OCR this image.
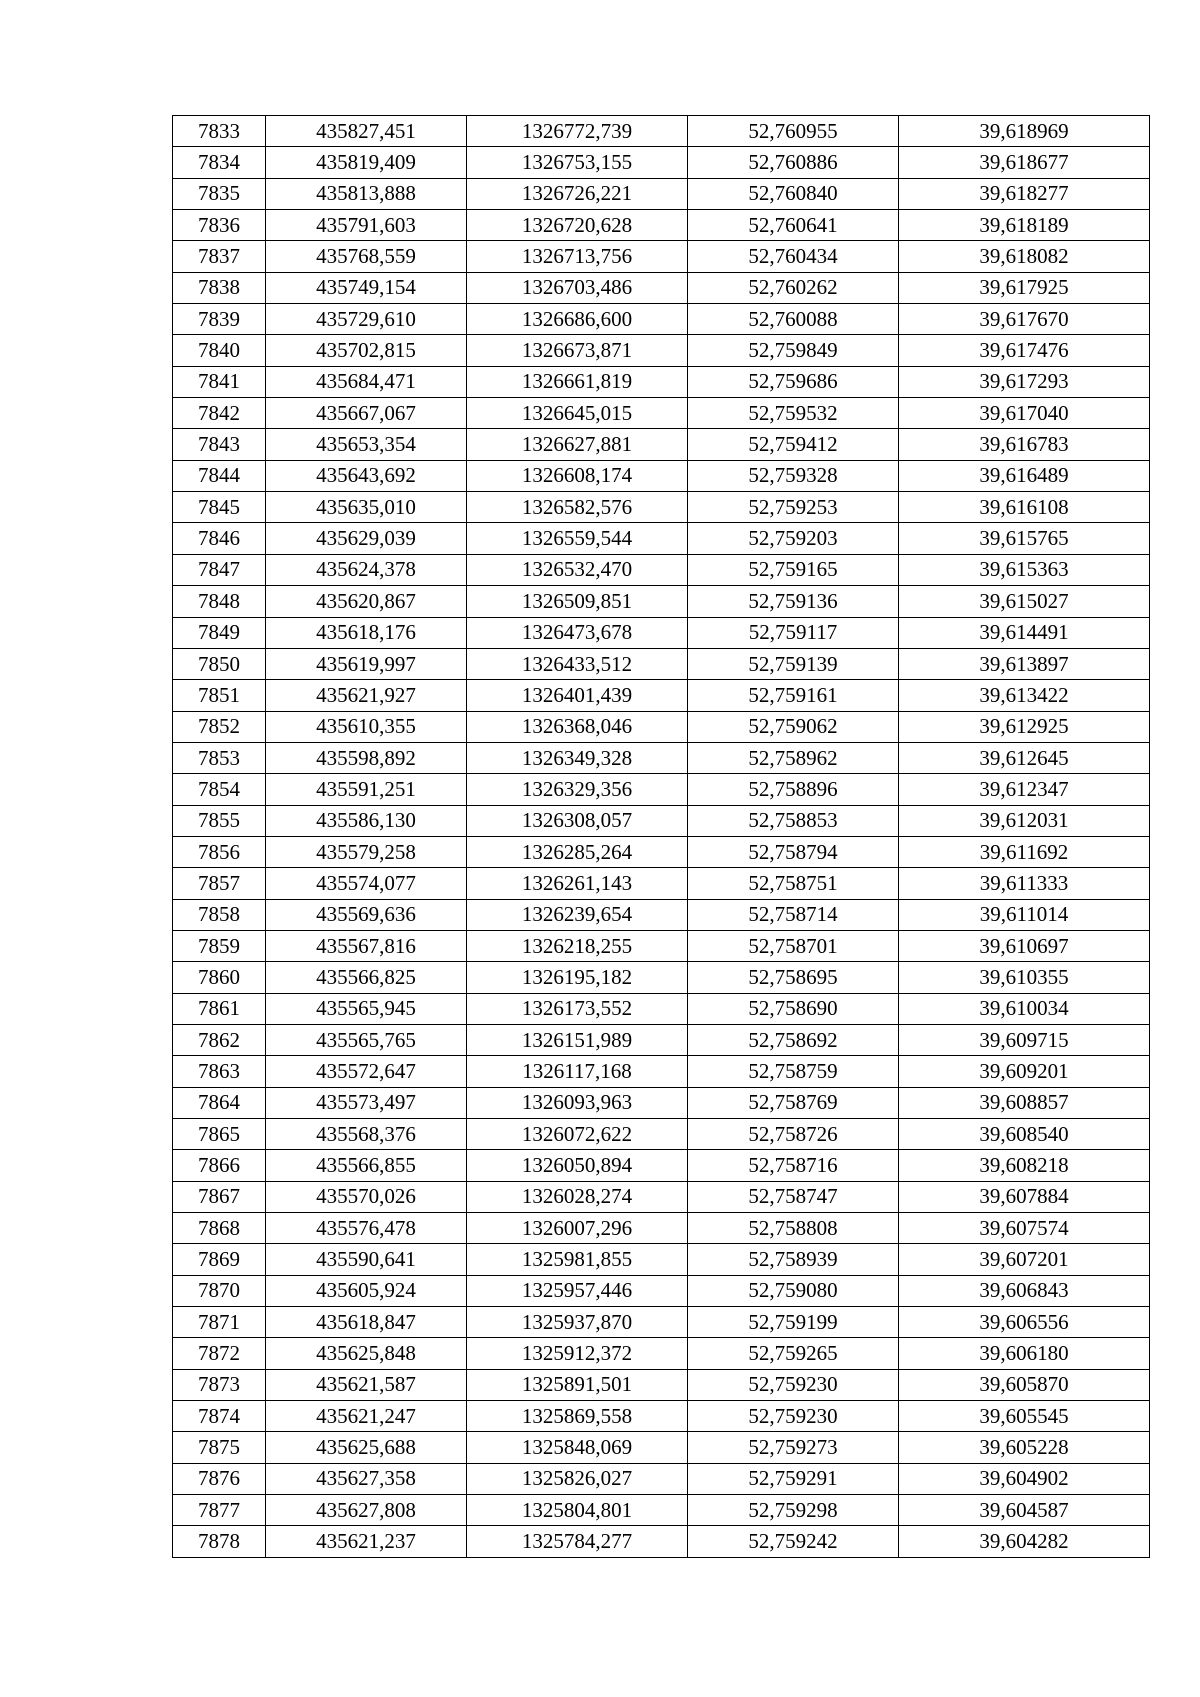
7833	435827,451	1326772,739	52,760955	39,618969
7834	435819,409	1326753,155	52,760886	39,618677
7835	435813,888	1326726,221	52,760840	39,618277
7836	435791,603	1326720,628	52,760641	39,618189
7837	435768,559	1326713,756	52,760434	39,618082
7838	435749,154	1326703,486	52,760262	39,617925
7839	435729,610	1326686,600	52,760088	39,617670
7840	435702,815	1326673,871	52,759849	39,617476
7841	435684,471	1326661,819	52,759686	39,617293
7842	435667,067	1326645,015	52,759532	39,617040
7843	435653,354	1326627,881	52,759412	39,616783
7844	435643,692	1326608,174	52,759328	39,616489
7845	435635,010	1326582,576	52,759253	39,616108
7846	435629,039	1326559,544	52,759203	39,615765
7847	435624,378	1326532,470	52,759165	39,615363
7848	435620,867	1326509,851	52,759136	39,615027
7849	435618,176	1326473,678	52,759117	39,614491
7850	435619,997	1326433,512	52,759139	39,613897
7851	435621,927	1326401,439	52,759161	39,613422
7852	435610,355	1326368,046	52,759062	39,612925
7853	435598,892	1326349,328	52,758962	39,612645
7854	435591,251	1326329,356	52,758896	39,612347
7855	435586,130	1326308,057	52,758853	39,612031
7856	435579,258	1326285,264	52,758794	39,611692
7857	435574,077	1326261,143	52,758751	39,611333
7858	435569,636	1326239,654	52,758714	39,611014
7859	435567,816	1326218,255	52,758701	39,610697
7860	435566,825	1326195,182	52,758695	39,610355
7861	435565,945	1326173,552	52,758690	39,610034
7862	435565,765	1326151,989	52,758692	39,609715
7863	435572,647	1326117,168	52,758759	39,609201
7864	435573,497	1326093,963	52,758769	39,608857
7865	435568,376	1326072,622	52,758726	39,608540
7866	435566,855	1326050,894	52,758716	39,608218
7867	435570,026	1326028,274	52,758747	39,607884
7868	435576,478	1326007,296	52,758808	39,607574
7869	435590,641	1325981,855	52,758939	39,607201
7870	435605,924	1325957,446	52,759080	39,606843
7871	435618,847	1325937,870	52,759199	39,606556
7872	435625,848	1325912,372	52,759265	39,606180
7873	435621,587	1325891,501	52,759230	39,605870
7874	435621,247	1325869,558	52,759230	39,605545
7875	435625,688	1325848,069	52,759273	39,605228
7876	435627,358	1325826,027	52,759291	39,604902
7877	435627,808	1325804,801	52,759298	39,604587
7878	435621,237	1325784,277	52,759242	39,604282
